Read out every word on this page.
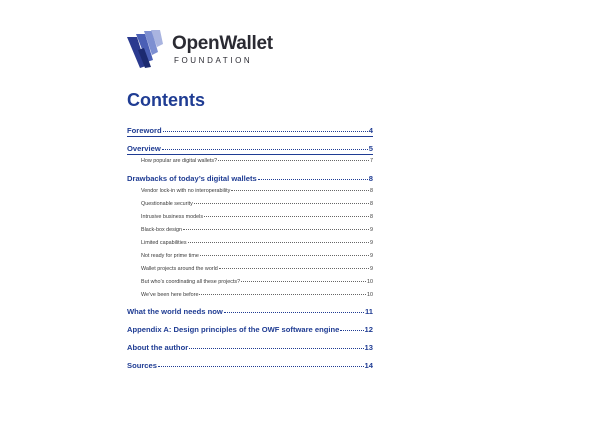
OpenWallet
FOUNDATION
Contents
Foreword	4
Overview	5
How popular are digital wallets?	7
Drawbacks of today’s digital wallets	8
Vendor lock-in with no interoperability	8
Questionable security	8
Intrusive business models	8
Black-box design	9
Limited capabilities	9
Not ready for prime time	9
Wallet projects around the world	9
But who’s coordinating all these projects?	10
We’ve been here before	10
What the world needs now	11
Appendix A: Design principles of the OWF software engine	12
About the author	13
Sources	14
